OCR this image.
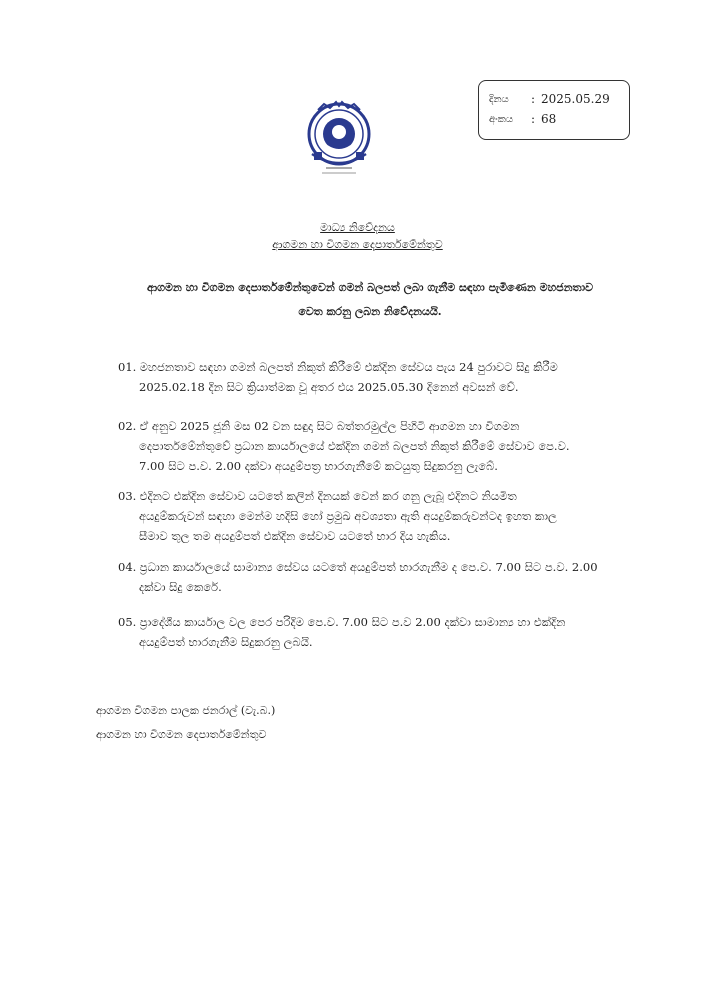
දිනය	: 2025.05.29
අංකය	: 68
මාධ්‍ය නිවේදනය
ආගමන හා විගමන දෙපාර්තමේන්තුව
ආගමන හා විගමන දෙපාර්තමේන්තුවෙන් ගමන් බලපත් ලබා ගැනීම සඳහා පැමිණෙන මහජනතාව
වෙත කරනු ලබන නිවේදනයයි.
01. මහජනතාව සඳහා ගමන් බලපත් නිකුත් කිරීමේ එක්දින සේවය පැය 24 පුරාවට සිදු කිරීම
2025.02.18 දින සිට ක්‍රියාත්මක වූ අතර එය 2025.05.30 දිනෙන් අවසන් වේ.
02. ඒ අනුව 2025 ජූනි මස 02 වන සඳුදා සිට බත්තරමුල්ල පිහිටි ආගමන හා විගමන
දෙපාර්තමේන්තුවේ ප්‍රධාන කාර්යාලයේ එක්දින ගමන් බලපත් නිකුත් කිරීමේ සේවාව පෙ.ව.
7.00 සිට ප.ව. 2.00 දක්වා අයදුම්පත්‍ර භාරගැනීමේ කටයුතු සිදුකරනු ලැබේ.
03. එදිනට එක්දින සේවාව යටතේ කලින් දිනයක් වෙන් කර ගනු ලැබූ එදිනට නියමිත
අයදුම්කරුවන් සඳහා මෙන්ම හදිසි හෝ ප්‍රමුඛ අවශ්‍යතා ඇති අයදුම්කරුවන්ටද ඉහත කාල
සීමාව තුල තම අයදුම්පත් එක්දින සේවාව යටතේ භාර දිය හැකිය.
04. ප්‍රධාන කාර්යාලයේ සාමාන්‍ය සේවය යටතේ අයදුම්පත් භාරගැනීම ද පෙ.ව. 7.00 සිට ප.ව. 2.00
දක්වා සිදු කෙරේ.
05. ප්‍රාදේශීය කාර්යාල වල පෙර පරිදිම පෙ.ව. 7.00 සිට ප.ව 2.00 දක්වා සාමාන්‍ය හා එක්දින
අයදුම්පත් භාරගැනීම සිදුකරනු ලබයි.
ආගමන විගමන පාලක ජනරාල් (වැ.බ.)
ආගමන හා විගමන දෙපාර්තමේන්තුව
